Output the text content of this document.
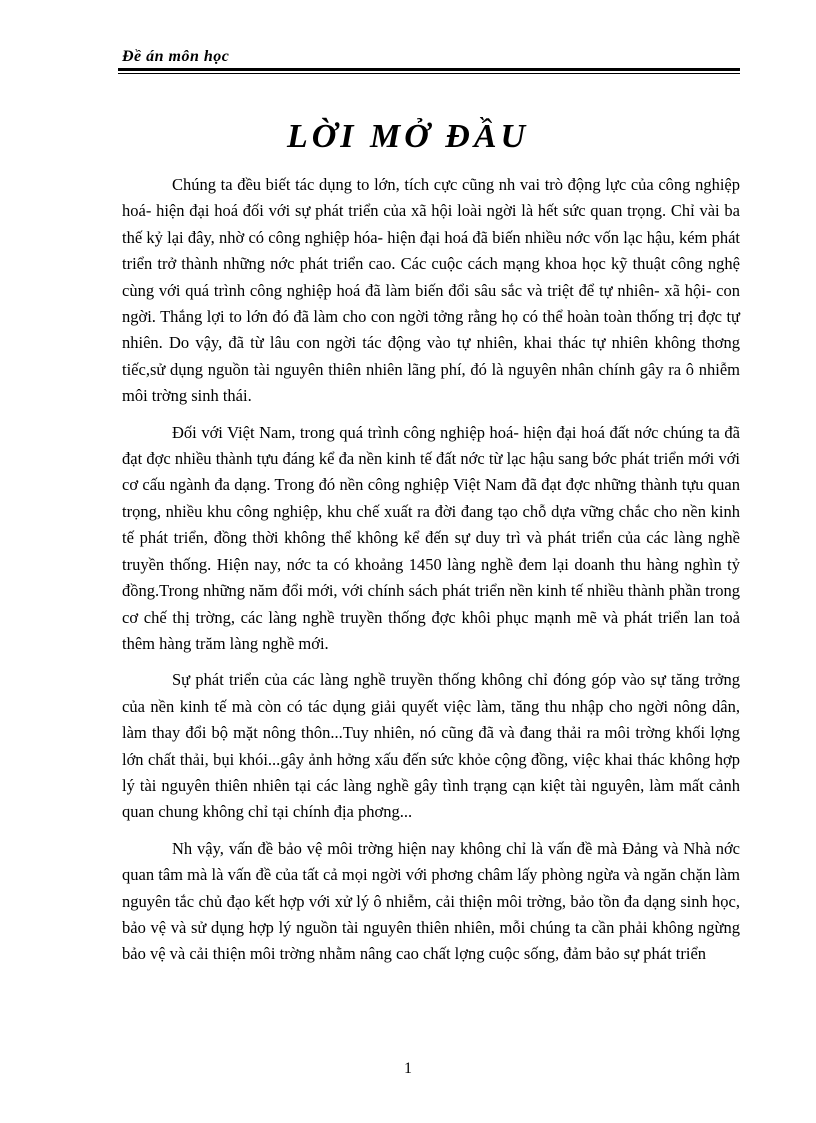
Đề án môn học
LỜI MỞ ĐẦU

Chúng ta đều biết tác dụng to lớn, tích cực cũng nh vai trò động lực của công nghiệp hoá- hiện đại hoá đối với sự phát triển của xã hội loài ngời là hết sức quan trọng. Chỉ vài ba thế kỷ lại đây, nhờ có công nghiệp hóa- hiện đại hoá đã biến nhiều nớc vốn lạc hậu, kém phát triển trở thành những nớc phát triển cao. Các cuộc cách mạng khoa học kỹ thuật công nghệ cùng với quá trình công nghiệp hoá đã làm biến đổi sâu sắc và triệt để tự nhiên- xã hội- con ngời. Thắng lợi to lớn đó đã làm cho con ngời tởng rằng họ có thể hoàn toàn thống trị đợc tự nhiên. Do vậy, đã từ lâu con ngời tác động vào tự nhiên, khai thác tự nhiên không thơng tiếc,sử dụng nguồn tài nguyên thiên nhiên lãng phí, đó là nguyên nhân chính gây ra ô nhiễm môi trờng sinh thái.

Đối với Việt Nam, trong quá trình công nghiệp hoá- hiện đại hoá đất nớc chúng ta đã đạt đợc nhiều thành tựu đáng kể đa nền kinh tế đất nớc từ lạc hậu sang bớc phát triển mới với cơ cấu ngành đa dạng. Trong đó nền công nghiệp Việt Nam đã đạt đợc những thành tựu quan trọng, nhiều khu công nghiệp, khu chế xuất ra đời đang tạo chỗ dựa vững chắc cho nền kinh tế phát triển, đồng thời không thể không kể đến sự duy trì và phát triển của các làng nghề truyền thống. Hiện nay, nớc ta có khoảng 1450 làng nghề đem lại doanh thu hàng nghìn tỷ đồng.Trong những năm đổi mới, với chính sách phát triển nền kinh tế nhiều thành phần trong cơ chế thị trờng, các làng nghề truyền thống đợc khôi phục mạnh mẽ và phát triển lan toả thêm hàng trăm làng nghề mới.

Sự phát triển của các làng nghề truyền thống không chỉ đóng góp vào sự tăng trởng của nền kinh tế mà còn có tác dụng giải quyết việc làm, tăng thu nhập cho ngời nông dân, làm thay đổi bộ mặt nông thôn...Tuy nhiên, nó cũng đã và đang thải ra môi trờng khối lợng lớn chất thải, bụi khói...gây ảnh hởng xấu đến sức khỏe cộng đồng, việc khai thác không hợp lý tài nguyên thiên nhiên tại các làng nghề gây tình trạng cạn kiệt tài nguyên, làm mất cảnh quan chung không chỉ tại chính địa phơng...

Nh vậy, vấn đề bảo vệ môi trờng hiện nay không chỉ là vấn đề mà Đảng và Nhà nớc quan tâm mà là vấn đề của tất cả mọi ngời với phơng châm lấy phòng ngừa và ngăn chặn làm nguyên tắc chủ đạo kết hợp với xử lý ô nhiễm, cải thiện môi trờng, bảo tồn đa dạng sinh học, bảo vệ và sử dụng hợp lý nguồn tài nguyên thiên nhiên, mỗi chúng ta cần phải không ngừng bảo vệ và cải thiện môi trờng nhằm nâng cao chất lợng cuộc sống, đảm bảo sự phát triển

1
